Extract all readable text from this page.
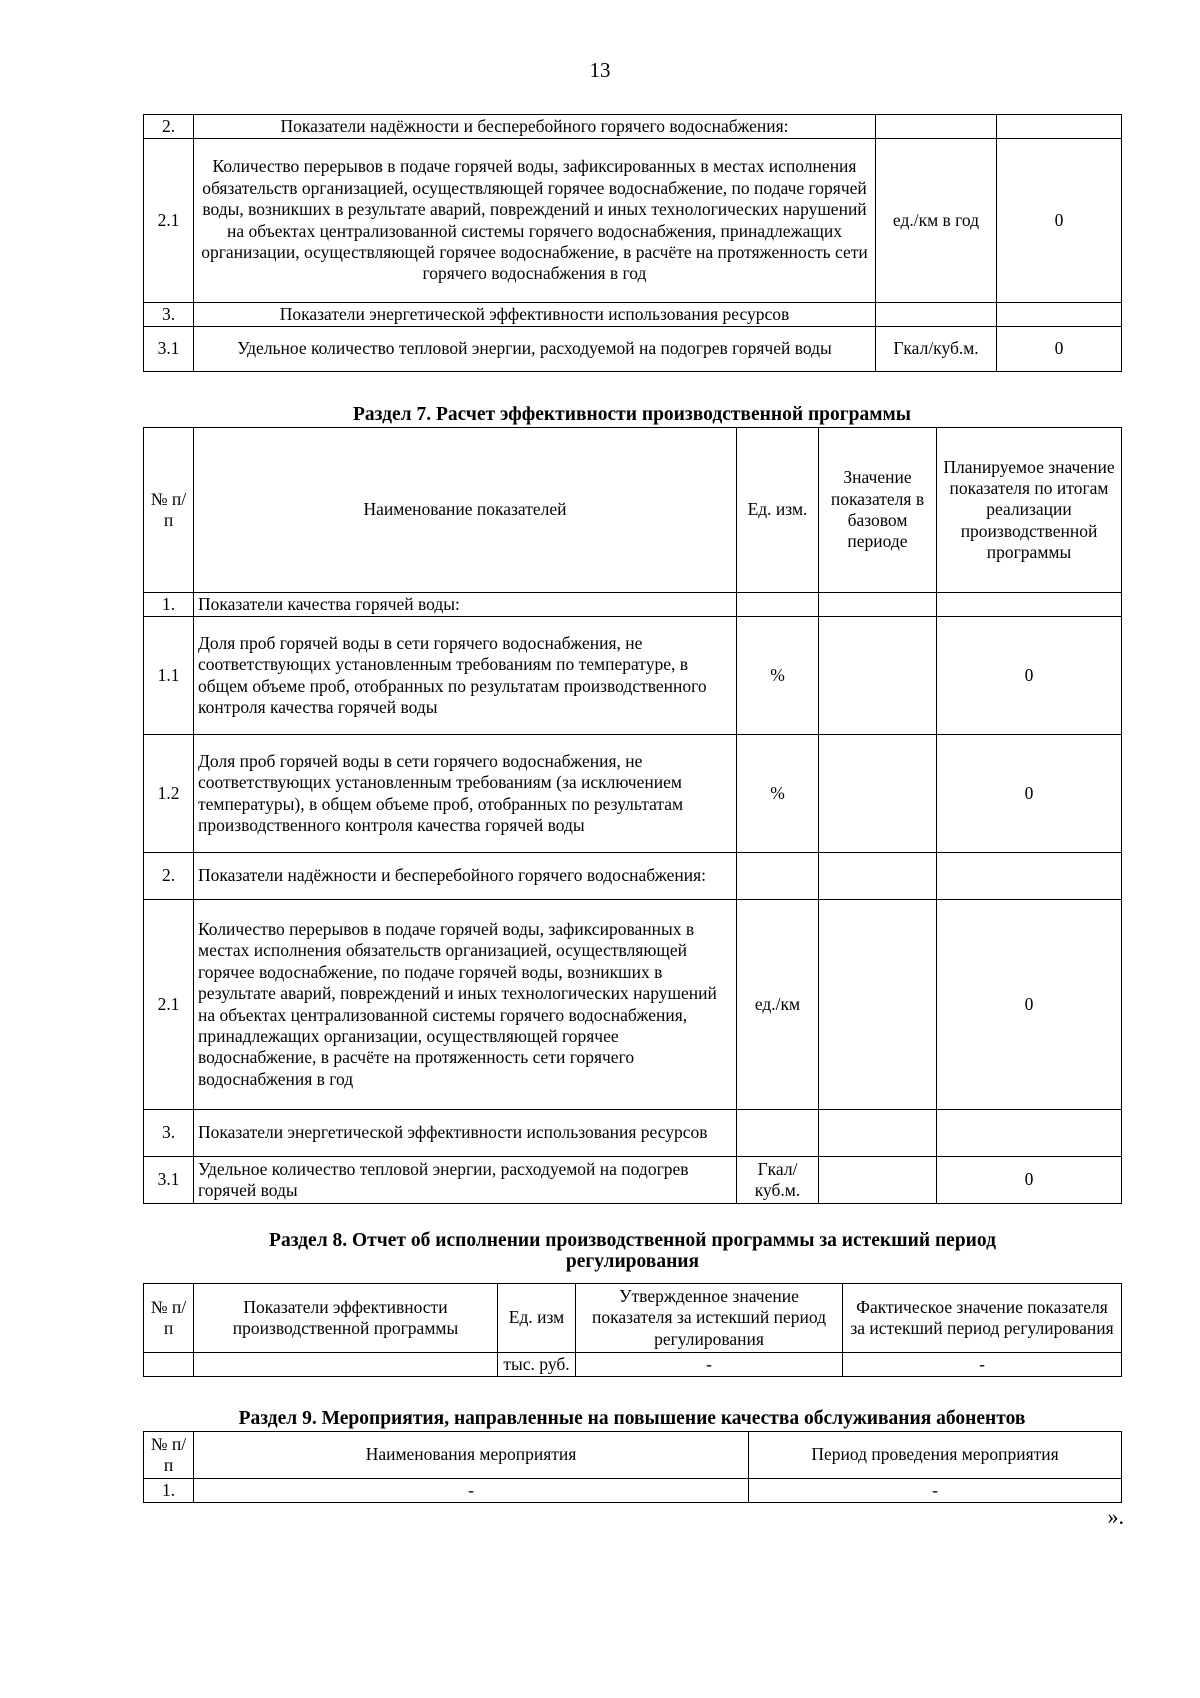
13
2.	Показатели надёжности и бесперебойного горячего водоснабжения:		
2.1	Количество перерывов в подаче горячей воды, зафиксированных в местах исполнения обязательств организацией, осуществляющей горячее водоснабжение, по подаче горячей воды, возникших в результате аварий, повреждений и иных технологических нарушений на объектах централизованной системы горячего водоснабжения, принадлежащих организации, осуществляющей горячее водоснабжение, в расчёте на протяженность сети горячего водоснабжения в год	ед./км в год	0
3.	Показатели энергетической эффективности использования ресурсов		
3.1	Удельное количество тепловой энергии, расходуемой на подогрев горячей воды	Гкал/куб.м.	0
Раздел 7. Расчет эффективности производственной программы
№ п/п	Наименование показателей	Ед. изм.	Значение показателя в базовом периоде	Планируемое значение показателя по итогам реализации производственной программы
1.	Показатели качества горячей воды:			
1.1	Доля проб горячей воды в сети горячего водоснабжения, не соответствующих установленным требованиям по температуре, в общем объеме проб, отобранных по результатам производственного контроля качества горячей воды	%		0
1.2	Доля проб горячей воды в сети горячего водоснабжения, не соответствующих установленным требованиям (за исключением температуры), в общем объеме проб, отобранных по результатам производственного контроля качества горячей воды	%		0
2.	Показатели надёжности и бесперебойного горячего водоснабжения:			
2.1	Количество перерывов в подаче горячей воды, зафиксированных в местах исполнения обязательств организацией, осуществляющей горячее водоснабжение, по подаче горячей воды, возникших в результате аварий, повреждений и иных технологических нарушений на объектах централизованной системы горячего водоснабжения, принадлежащих организации, осуществляющей горячее водоснабжение, в расчёте на протяженность сети горячего водоснабжения в год	ед./км		0
3.	Показатели энергетической эффективности использования ресурсов			
3.1	Удельное количество тепловой энергии, расходуемой на подогрев горячей воды	Гкал/ куб.м.		0
Раздел 8. Отчет об исполнении производственной программы за истекший период регулирования
№ п/п	Показатели эффективности производственной программы	Ед. изм	Утвержденное значение показателя за истекший период регулирования	Фактическое значение показателя за истекший период регулирования
		тыс. руб.	-	-
Раздел 9. Мероприятия, направленные на повышение качества обслуживания абонентов
№ п/п	Наименования мероприятия	Период проведения мероприятия
1.	-	-
».
